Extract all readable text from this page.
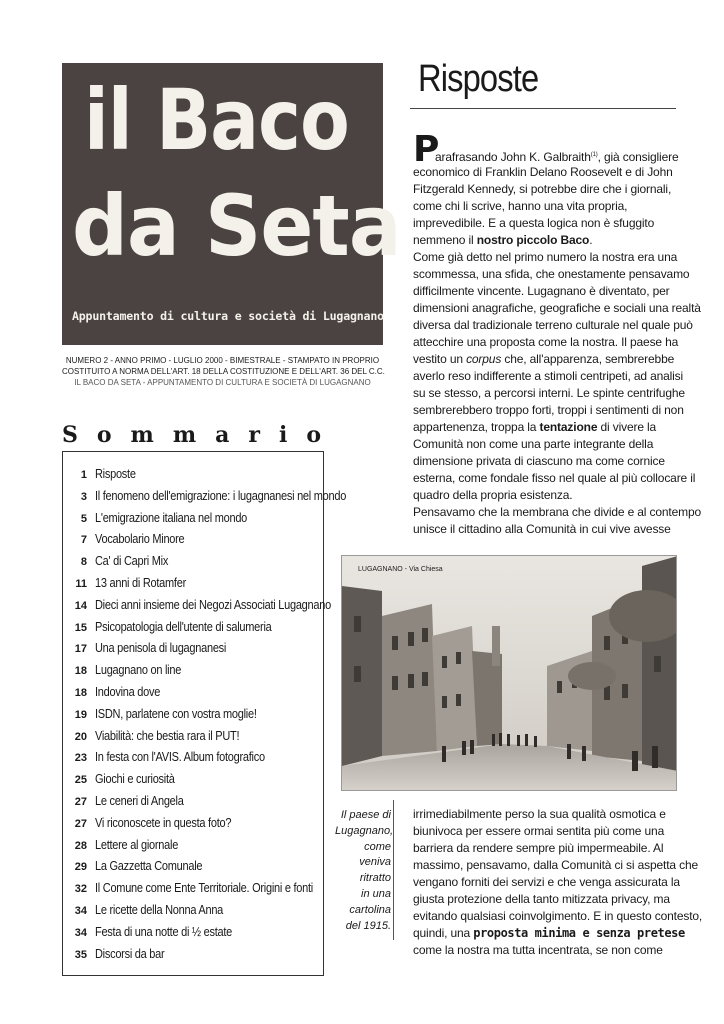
il Baco
da Seta
Appuntamento di cultura e società di Lugagnano
NUMERO 2 - ANNO PRIMO - LUGLIO 2000 - BIMESTRALE - STAMPATO IN PROPRIO
COSTITUITO A NORMA DELL'ART. 18 DELLA COSTITUZIONE E DELL'ART. 36 DEL C.C.
IL BACO DA SETA - APPUNTAMENTO DI CULTURA E SOCIETÀ DI LUGAGNANO
Sommario
1 Risposte
3 Il fenomeno dell'emigrazione: i lugagnanesi nel mondo
5 L'emigrazione italiana nel mondo
7 Vocabolario Minore
8 Ca' di Capri Mix
11 13 anni di Rotamfer
14 Dieci anni insieme dei Negozi Associati Lugagnano
15 Psicopatologia dell'utente di salumeria
17 Una penisola di lugagnanesi
18 Lugagnano on line
18 Indovina dove
19 ISDN, parlatene con vostra moglie!
20 Viabilità: che bestia rara il PUT!
23 In festa con l'AVIS. Album fotografico
25 Giochi e curiosità
27 Le ceneri di Angela
27 Vi riconoscete in questa foto?
28 Lettere al giornale
29 La Gazzetta Comunale
32 Il Comune come Ente Territoriale. Origini e fonti
34 Le ricette della Nonna Anna
34 Festa di una notte di ½ estate
35 Discorsi da bar
Risposte
P
arafrasando John K. Galbraith$^{(1)}$, già consigliere
economico di Franklin Delano Roosevelt e di John
Fitzgerald Kennedy, si potrebbe dire che i giornali,
come chi li scrive, hanno una vita propria,
imprevedibile. E a questa logica non è sfuggito
nemmeno il nostro piccolo Baco.
Come già detto nel primo numero la nostra era una
scommessa, una sfida, che onestamente pensavamo
difficilmente vincente. Lugagnano è diventato, per
dimensioni anagrafiche, geografiche e sociali una realtà
diversa dal tradizionale terreno culturale nel quale può
attecchire una proposta come la nostra. Il paese ha
vestito un corpus che, all'apparenza, sembrerebbe
averlo reso indifferente a stimoli centripeti, ad analisi
su se stesso, a percorsi interni. Le spinte centrifughe
sembrerebbero troppo forti, troppi i sentimenti di non
appartenenza, troppa la tentazione di vivere la
Comunità non come una parte integrante della
dimensione privata di ciascuno ma come cornice
esterna, come fondale fisso nel quale al più collocare il
quadro della propria esistenza.
Pensavamo che la membrana che divide e al contempo
unisce il cittadino alla Comunità in cui vive avesse
LUGAGNANO - Via Chiesa
Il paese di
Lugagnano,
come
veniva
ritratto
in una
cartolina
del 1915.
irrimediabilmente perso la sua qualità osmotica e
biunivoca per essere ormai sentita più come una
barriera da rendere sempre più impermeabile. Al
massimo, pensavamo, dalla Comunità ci si aspetta che
vengano forniti dei servizi e che venga assicurata la
giusta protezione della tanto mitizzata privacy, ma
evitando qualsiasi coinvolgimento. E in questo contesto,
quindi, una proposta minima e senza pretese
come la nostra ma tutta incentrata, se non come
